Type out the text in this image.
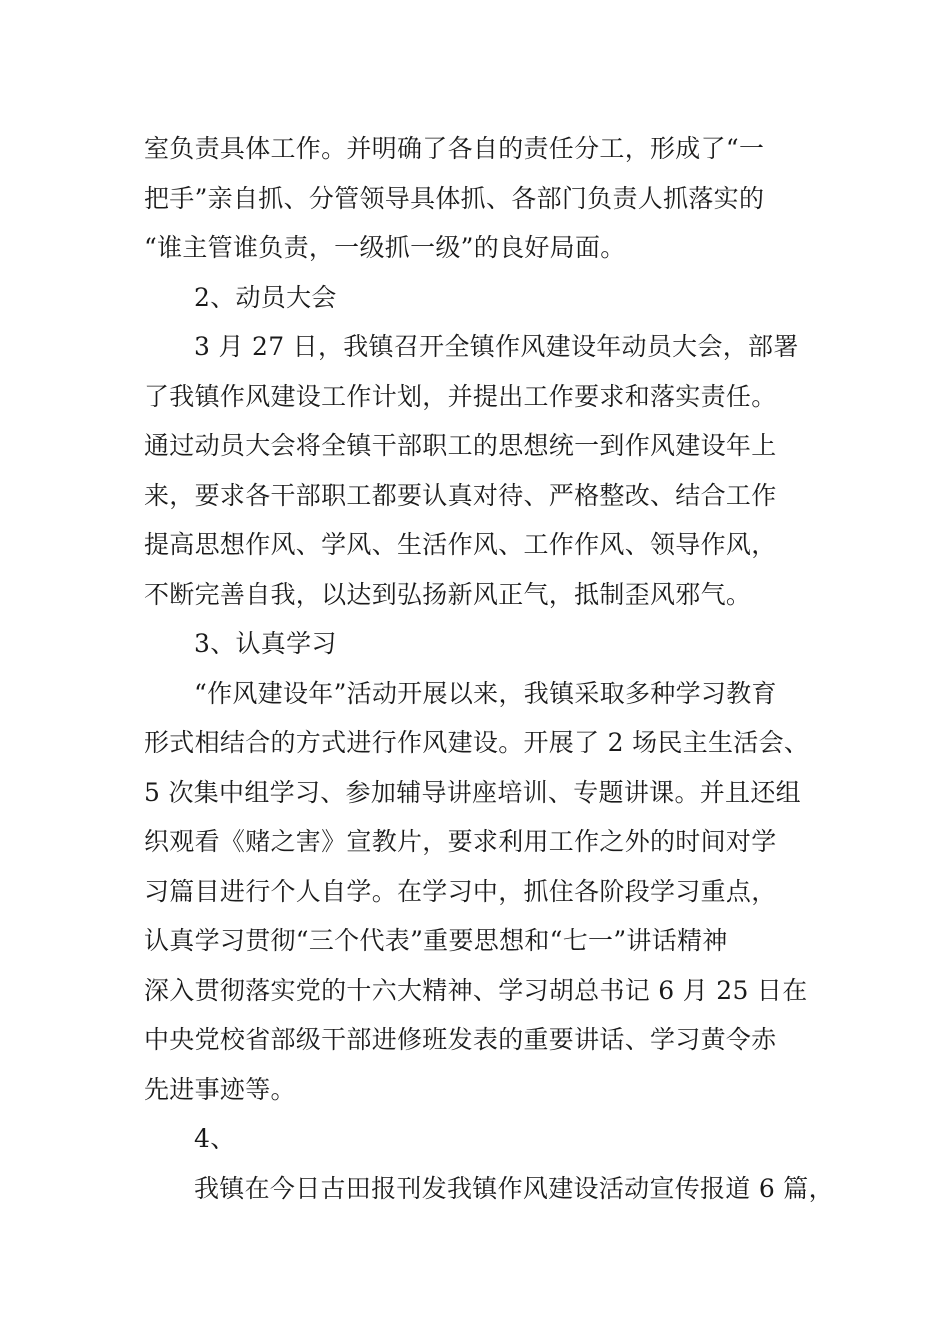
室负责具体工作。并明确了各自的责任分工，形成了“一
把手”亲自抓、分管领导具体抓、各部门负责人抓落实的
“谁主管谁负责，一级抓一级”的良好局面。
2、动员大会
3 月 27 日，我镇召开全镇作风建设年动员大会，部署
了我镇作风建设工作计划，并提出工作要求和落实责任。
通过动员大会将全镇干部职工的思想统一到作风建设年上
来，要求各干部职工都要认真对待、严格整改、结合工作
提高思想作风、学风、生活作风、工作作风、领导作风，
不断完善自我，以达到弘扬新风正气，抵制歪风邪气。
3、认真学习
“作风建设年”活动开展以来，我镇采取多种学习教育
形式相结合的方式进行作风建设。开展了 2 场民主生活会、
5 次集中组学习、参加辅导讲座培训、专题讲课。并且还组
织观看《赌之害》宣教片，要求利用工作之外的时间对学
习篇目进行个人自学。在学习中，抓住各阶段学习重点，
认真学习贯彻“三个代表”重要思想和“七一”讲话精神
深入贯彻落实党的十六大精神、学习胡总书记 6 月 25 日在
中央党校省部级干部进修班发表的重要讲话、学习黄令赤
先进事迹等。
4、
我镇在今日古田报刊发我镇作风建设活动宣传报道 6 篇，
